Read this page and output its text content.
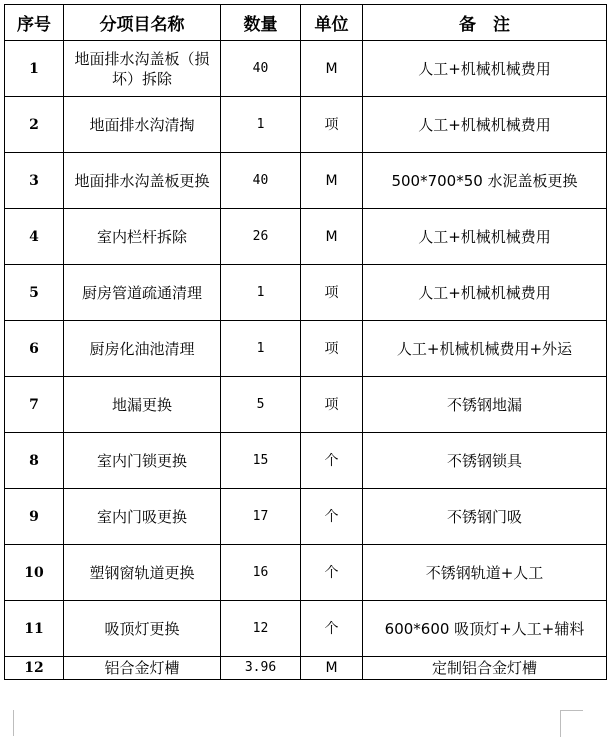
序号	分项目名称	数量	单位	备　注
1	地面排水沟盖板（损坏）拆除	40	M	人工+机械机械费用
2	地面排水沟清掏	1	项	人工+机械机械费用
3	地面排水沟盖板更换	40	M	500*700*50 水泥盖板更换
4	室内栏杆拆除	26	M	人工+机械机械费用
5	厨房管道疏通清理	1	项	人工+机械机械费用
6	厨房化油池清理	1	项	人工+机械机械费用+外运
7	地漏更换	5	项	不锈钢地漏
8	室内门锁更换	15	个	不锈钢锁具
9	室内门吸更换	17	个	不锈钢门吸
10	塑钢窗轨道更换	16	个	不锈钢轨道+人工
11	吸顶灯更换	12	个	600*600 吸顶灯+人工+辅料
12	铝合金灯槽	3.96	M	定制铝合金灯槽
